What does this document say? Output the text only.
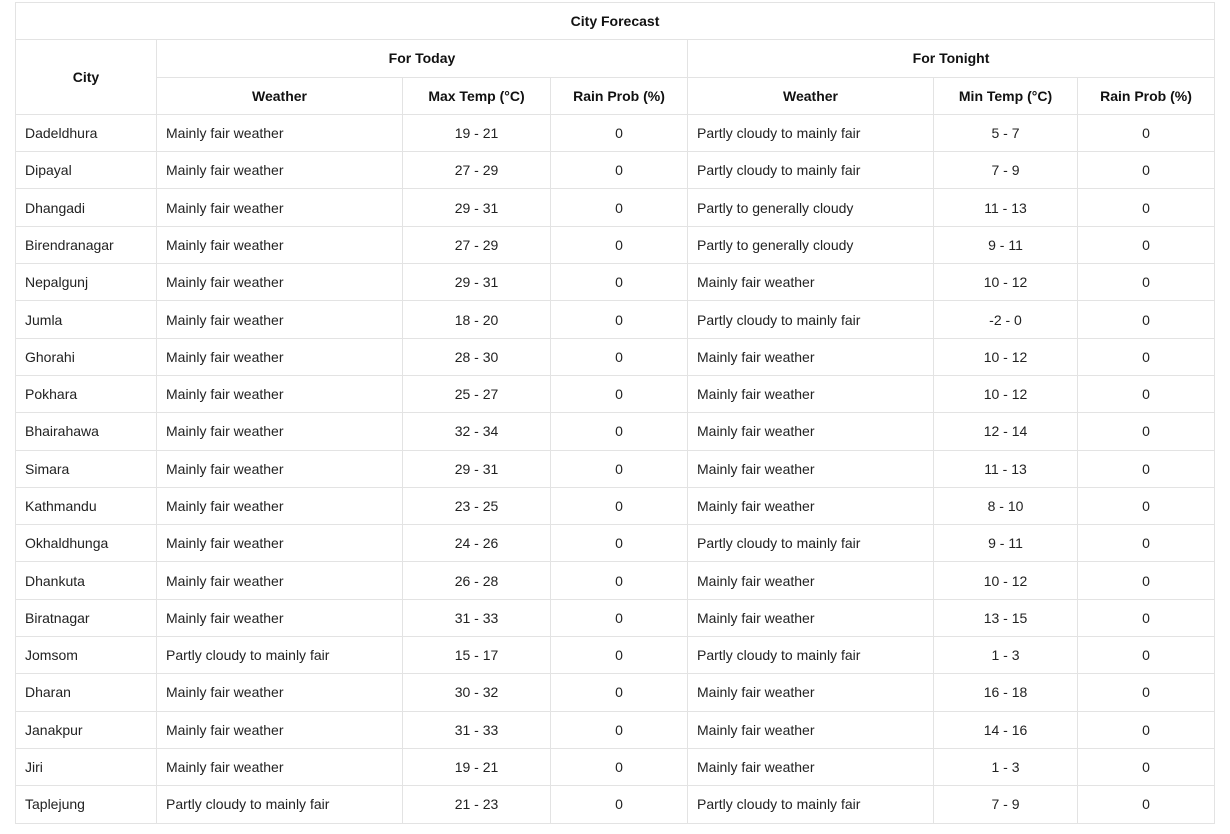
City Forecast						
City	For Today			For Tonight		
	Weather	Max Temp (°C)	Rain Prob (%)	Weather	Min Temp (°C)	Rain Prob (%)
Dadeldhura	Mainly fair weather	19 - 21	0	Partly cloudy to mainly fair	5 - 7	0
Dipayal	Mainly fair weather	27 - 29	0	Partly cloudy to mainly fair	7 - 9	0
Dhangadi	Mainly fair weather	29 - 31	0	Partly to generally cloudy	11 - 13	0
Birendranagar	Mainly fair weather	27 - 29	0	Partly to generally cloudy	9 - 11	0
Nepalgunj	Mainly fair weather	29 - 31	0	Mainly fair weather	10 - 12	0
Jumla	Mainly fair weather	18 - 20	0	Partly cloudy to mainly fair	-2 - 0	0
Ghorahi	Mainly fair weather	28 - 30	0	Mainly fair weather	10 - 12	0
Pokhara	Mainly fair weather	25 - 27	0	Mainly fair weather	10 - 12	0
Bhairahawa	Mainly fair weather	32 - 34	0	Mainly fair weather	12 - 14	0
Simara	Mainly fair weather	29 - 31	0	Mainly fair weather	11 - 13	0
Kathmandu	Mainly fair weather	23 - 25	0	Mainly fair weather	8 - 10	0
Okhaldhunga	Mainly fair weather	24 - 26	0	Partly cloudy to mainly fair	9 - 11	0
Dhankuta	Mainly fair weather	26 - 28	0	Mainly fair weather	10 - 12	0
Biratnagar	Mainly fair weather	31 - 33	0	Mainly fair weather	13 - 15	0
Jomsom	Partly cloudy to mainly fair	15 - 17	0	Partly cloudy to mainly fair	1 - 3	0
Dharan	Mainly fair weather	30 - 32	0	Mainly fair weather	16 - 18	0
Janakpur	Mainly fair weather	31 - 33	0	Mainly fair weather	14 - 16	0
Jiri	Mainly fair weather	19 - 21	0	Mainly fair weather	1 - 3	0
Taplejung	Partly cloudy to mainly fair	21 - 23	0	Partly cloudy to mainly fair	7 - 9	0
